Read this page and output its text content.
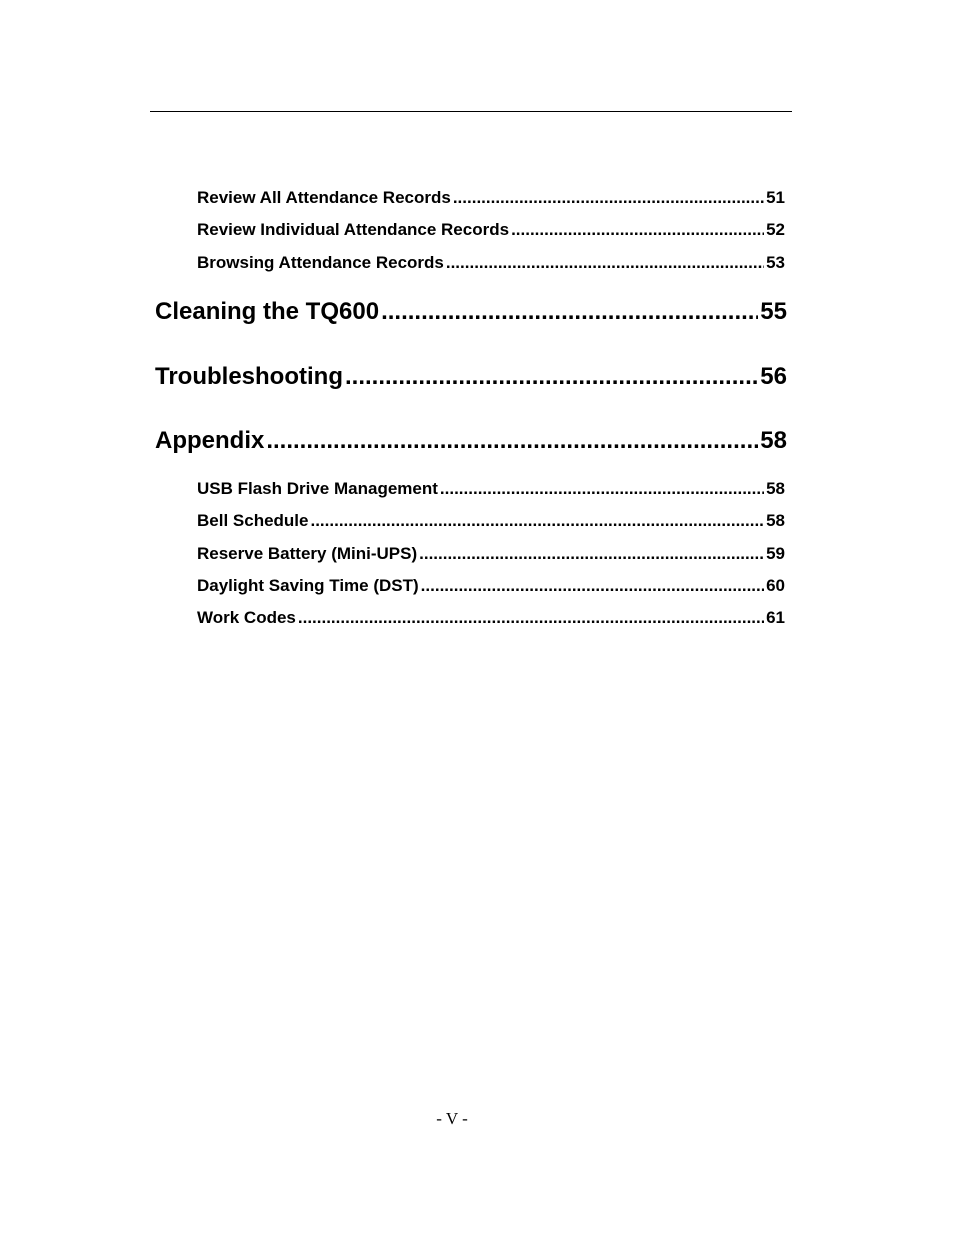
Review All Attendance Records .....	51
Review Individual Attendance Records .....	52
Browsing Attendance Records .....	53
Cleaning the TQ600 .....	55
Troubleshooting .....	56
Appendix .....	58
USB Flash Drive Management .....	58
Bell Schedule .....	58
Reserve Battery (Mini-UPS) .....	59
Daylight Saving Time (DST) .....	60
Work Codes .....	61
- V -
